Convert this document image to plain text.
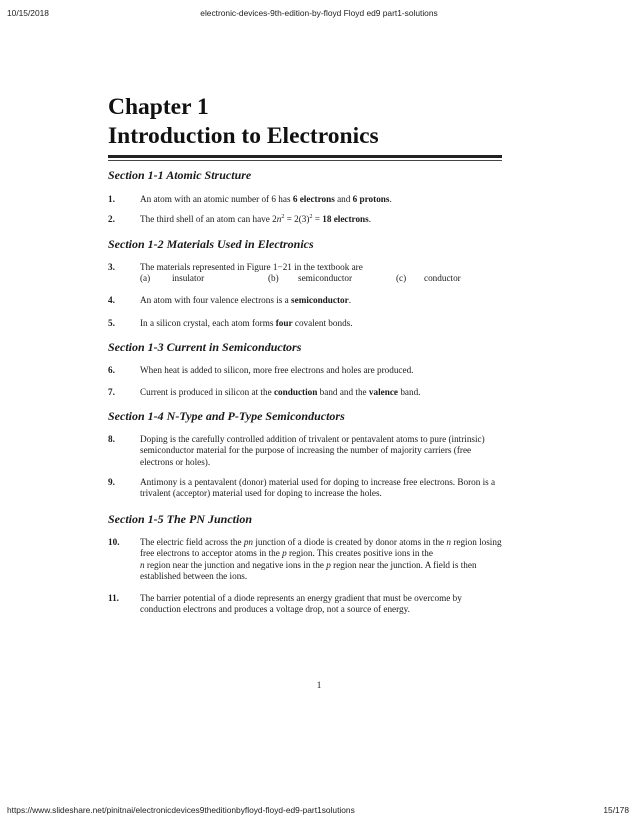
10/15/2018	electronic-devices-9th-edition-by-floyd Floyd ed9 part1-solutions
Chapter 1
Introduction to Electronics
Section 1-1 Atomic Structure
1.	An atom with an atomic number of 6 has 6 electrons and 6 protons.
2.	The third shell of an atom can have $2n^2 = 2(3)^2 = 18$ electrons.
Section 1-2 Materials Used in Electronics
3.	The materials represented in Figure 1−21 in the textbook are
(a) insulator	(b) semiconductor	(c) conductor
4.	An atom with four valence electrons is a semiconductor.
5.	In a silicon crystal, each atom forms four covalent bonds.
Section 1-3 Current in Semiconductors
6.	When heat is added to silicon, more free electrons and holes are produced.
7.	Current is produced in silicon at the conduction band and the valence band.
Section 1-4 N-Type and P-Type Semiconductors
8.	Doping is the carefully controlled addition of trivalent or pentavalent atoms to pure (intrinsic) semiconductor material for the purpose of increasing the number of majority carriers (free electrons or holes).
9.	Antimony is a pentavalent (donor) material used for doping to increase free electrons. Boron is a trivalent (acceptor) material used for doping to increase the holes.
Section 1-5 The PN Junction
10. The electric field across the pn junction of a diode is created by donor atoms in the n region losing free electrons to acceptor atoms in the p region. This creates positive ions in the
n region near the junction and negative ions in the p region near the junction. A field is then established between the ions.
11. The barrier potential of a diode represents an energy gradient that must be overcome by conduction electrons and produces a voltage drop, not a source of energy.
1
https://www.slideshare.net/pinitnai/electronicdevices9theditionbyfloyd-floyd-ed9-part1solutions	15/178
